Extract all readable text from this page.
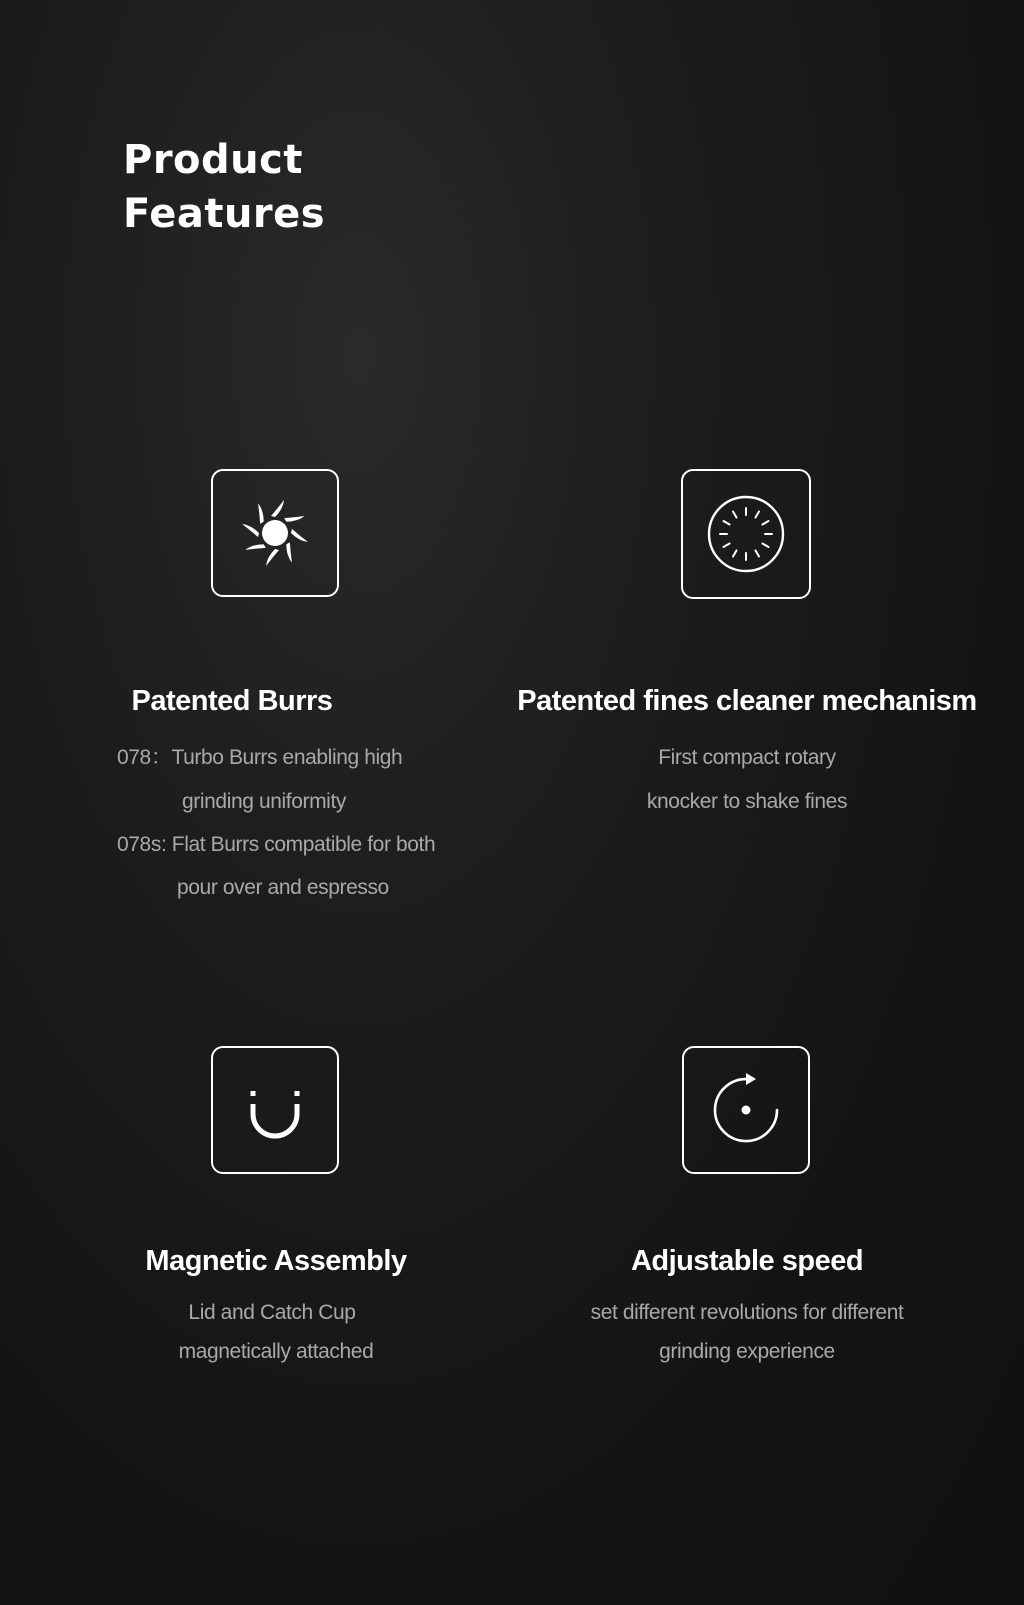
Product
Features
Patented Burrs
078：Turbo Burrs enabling high
grinding uniformity
078s: Flat Burrs compatible for both
pour over and espresso
Patented fines cleaner mechanism
First compact rotary
knocker to shake fines
Magnetic Assembly
Lid and Catch Cup
magnetically attached
Adjustable speed
set different revolutions for different
grinding experience
